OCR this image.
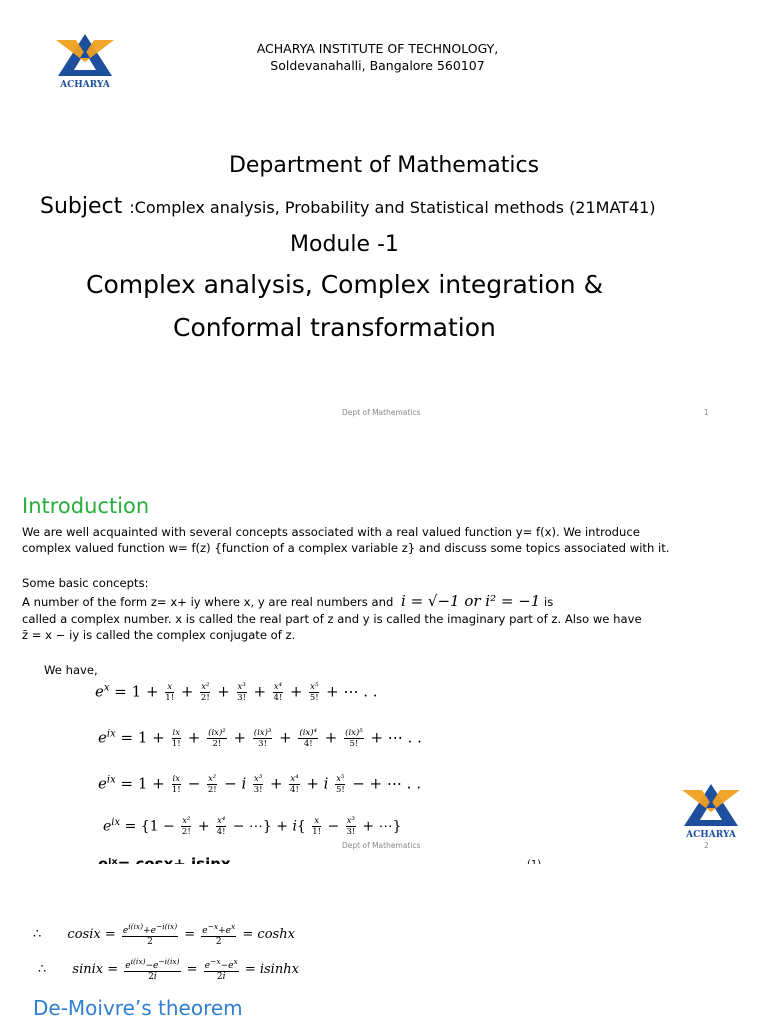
ACHARYA
ACHARYA INSTITUTE OF TECHNOLOGY,
Soldevanahalli, Bangalore 560107
Department of Mathematics
Subject :Complex analysis, Probability and Statistical methods (21MAT41)
Module -1
Complex analysis, Complex integration &
Conformal transformation
Dept of Mathematics	1
Introduction
We are well acquainted with several concepts associated with a real valued function y= f(x). We introduce
complex valued function w= f(z) {function of a complex variable z} and discuss some topics associated with it.
Some basic concepts:
A number of the form z= x+ iy where x, y are real numbers and i = √−1 or i² = −1 is
called a complex number. x is called the real part of z and y is called the imaginary part of z. Also we have
z̄ = x − iy is called the complex conjugate of z.
We have,
$e^x = 1 + \frac{x}{1!} + \frac{\text{x²}}{2!} + \frac{\text{x³}}{3!} + \frac{\text{x⁴}}{4!} + \frac{\text{x⁵}}{5!}$ + ⋯ . .
$e^{ix} = 1 + \frac{ix}{1!} + \frac{\text{(ix)²}}{2!} + \frac{\text{(ix)³}}{3!} + \frac{\text{(ix)⁴}}{4!} + \frac{\text{(ix)⁵}}{5!}$ + ⋯ . .
$e^{ix} = 1 + \frac{ix}{1!} - \frac{\text{x²}}{2!} - i \frac{\text{x³}}{3!} + \frac{\text{x⁴}}{4!} + i \frac{\text{x⁵}}{5!}$ − + ⋯ . .
$e^{ix} = \{1 - \frac{\text{x²}}{2!} + \frac{\text{x⁴}}{4!}$ − ⋯} + $i\{ \frac{x}{1!} - \frac{\text{x³}}{3!}$ + ⋯}
ACHARYA
Dept of Mathematics	2
∴ cosix = $\frac{e^{i(ix)}+e^{-i(ix)}}{2} = \frac{e^{-x}+e^x}{2} = \cosh x$
∴ sinix = $\frac{e^{i(ix)}-e^{-i(ix)}}{2i} = \frac{e^{-x}-e^x}{2i} = isinhx$
De-Moivre’s theorem
